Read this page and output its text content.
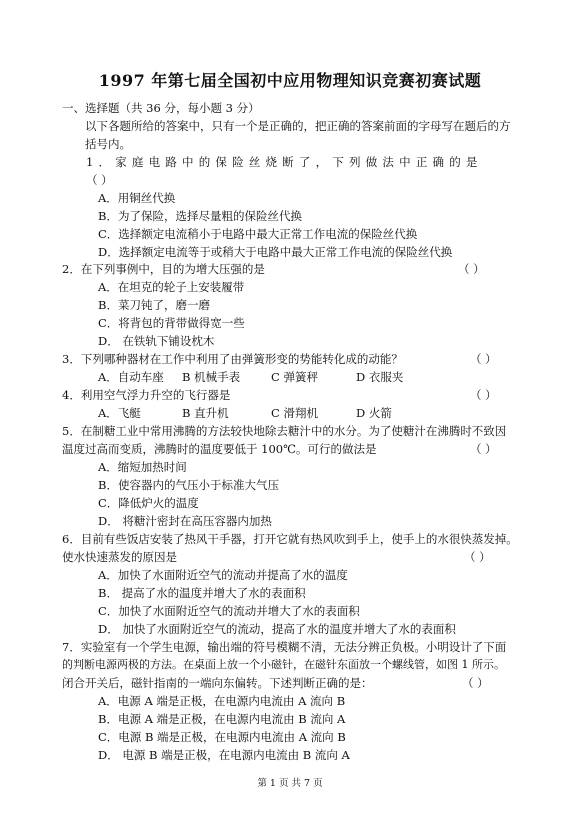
1997 年第七届全国初中应用物理知识竞赛初赛试题
一、选择题（共 36 分，每小题 3 分）
以下各题所给的答案中，只有一个是正确的，把正确的答案前面的字母写在题后的方
括号内。
1．家庭电路中的保险丝烧断了，下列做法中正确的是
（ ）
A．用铜丝代换
B．为了保险，选择尽量粗的保险丝代换
C．选择额定电流稍小于电路中最大正常工作电流的保险丝代换
D．选择额定电流等于或稍大于电路中最大正常工作电流的保险丝代换
2．在下列事例中，目的为增大压强的是	（ ）
A．在坦克的轮子上安装履带
B．菜刀钝了，磨一磨
C．将背包的背带做得宽一些
D． 在铁轨下铺设枕木
3．下列哪种器材在工作中利用了由弹簧形变的势能转化成的动能？	（ ）
A．自动车座 B 机械手表	C 弹簧秤	D 衣服夹
4．利用空气浮力升空的飞行器是	（ ）
A．飞艇	B 直升机	C 滑翔机	D 火箭
5．在制糖工业中常用沸腾的方法较快地除去糖汁中的水分。为了使糖汁在沸腾时不致因
温度过高而变质，沸腾时的温度要低于 100℃。可行的做法是	（ ）
A．缩短加热时间
B．使容器内的气压小于标准大气压
C．降低炉火的温度
D． 将糖汁密封在高压容器内加热
6．目前有些饭店安装了热风干手器，打开它就有热风吹到手上，使手上的水很快蒸发掉。
使水快速蒸发的原因是	（ ）
A．加快了水面附近空气的流动并提高了水的温度
B． 提高了水的温度并增大了水的表面积
C．加快了水面附近空气的流动并增大了水的表面积
D． 加快了水面附近空气的流动，提高了水的温度并增大了水的表面积
7．实验室有一个学生电源，输出端的符号模糊不清，无法分辨正负极。小明设计了下面
的判断电源两极的方法。在桌面上放一个小磁针，在磁针东面放一个螺线管，如图 1 所示。
闭合开关后，磁针指南的一端向东偏转。下述判断正确的是：	（ ）
A．电源 A 端是正极，在电源内电流由 A 流向 B
B．电源 A 端是正极，在电源内电流由 B 流向 A
C．电源 B 端是正极，在电源内电流由 A 流向 B
第 1 页 共 7 页
D． 电源 B 端是正极，在电源内电流由 B 流向 A
